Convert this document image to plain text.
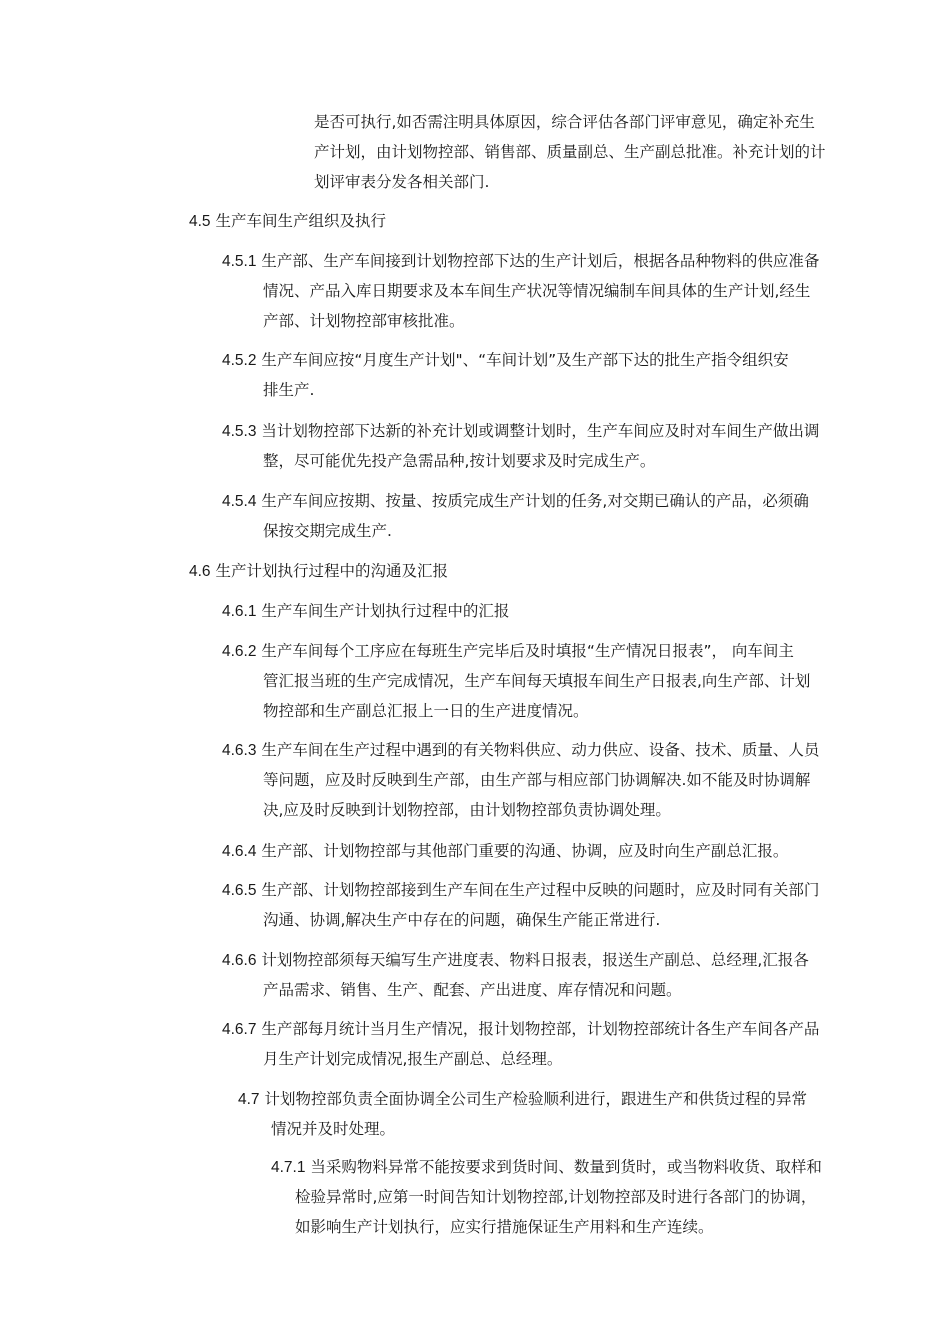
是否可执行,如否需注明具体原因，综合评估各部门评审意见，确定补充生
产计划，由计划物控部、销售部、质量副总、生产副总批准。补充计划的计
划评审表分发各相关部门.
4.5 生产车间生产组织及执行
4.5.1 生产部、生产车间接到计划物控部下达的生产计划后，根据各品种物料的供应准备
情况、产品入库日期要求及本车间生产状况等情况编制车间具体的生产计划,经生
产部、计划物控部审核批准。
4.5.2 生产车间应按“月度生产计划"、“车间计划”及生产部下达的批生产指令组织安
排生产.
4.5.3 当计划物控部下达新的补充计划或调整计划时，生产车间应及时对车间生产做出调
整，尽可能优先投产急需品种,按计划要求及时完成生产。
4.5.4 生产车间应按期、按量、按质完成生产计划的任务,对交期已确认的产品，必须确
保按交期完成生产.
4.6 生产计划执行过程中的沟通及汇报
4.6.1 生产车间生产计划执行过程中的汇报
4.6.2 生产车间每个工序应在每班生产完毕后及时填报“生产情况日报表”， 向车间主
管汇报当班的生产完成情况，生产车间每天填报车间生产日报表,向生产部、计划
物控部和生产副总汇报上一日的生产进度情况。
4.6.3 生产车间在生产过程中遇到的有关物料供应、动力供应、设备、技术、质量、人员
等问题，应及时反映到生产部，由生产部与相应部门协调解决.如不能及时协调解
决,应及时反映到计划物控部，由计划物控部负责协调处理。
4.6.4 生产部、计划物控部与其他部门重要的沟通、协调，应及时向生产副总汇报。
4.6.5 生产部、计划物控部接到生产车间在生产过程中反映的问题时，应及时同有关部门
沟通、协调,解决生产中存在的问题，确保生产能正常进行.
4.6.6 计划物控部须每天编写生产进度表、物料日报表，报送生产副总、总经理,汇报各
产品需求、销售、生产、配套、产出进度、库存情况和问题。
4.6.7 生产部每月统计当月生产情况，报计划物控部，计划物控部统计各生产车间各产品
月生产计划完成情况,报生产副总、总经理。
4.7 计划物控部负责全面协调全公司生产检验顺利进行，跟进生产和供货过程的异常
情况并及时处理。
4.7.1 当采购物料异常不能按要求到货时间、数量到货时，或当物料收货、取样和
检验异常时,应第一时间告知计划物控部,计划物控部及时进行各部门的协调，
如影响生产计划执行，应实行措施保证生产用料和生产连续。
